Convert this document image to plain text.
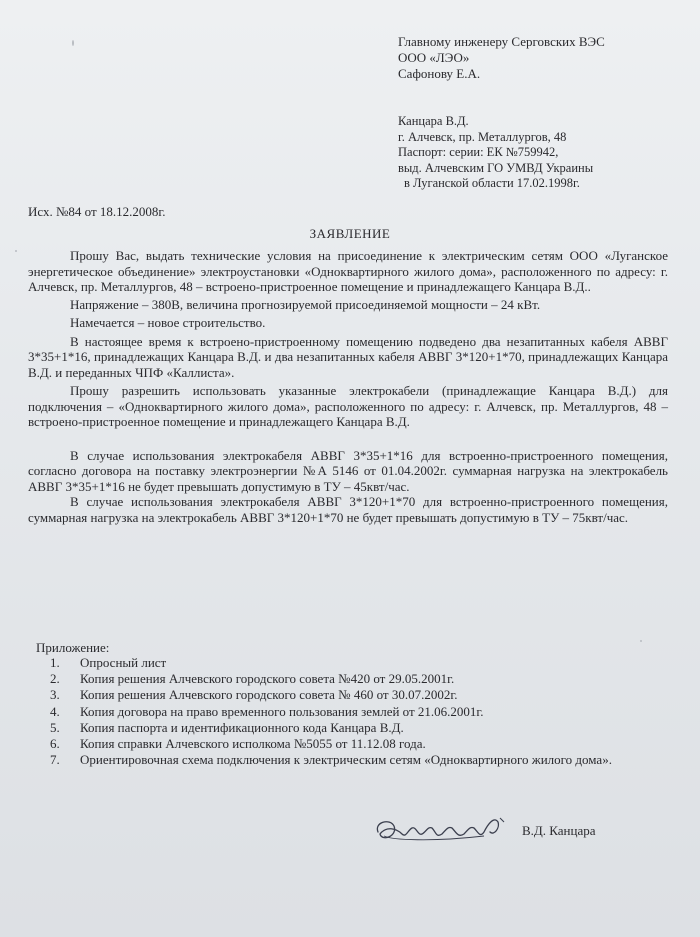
Главному инженеру Серговских ВЭС
ООО «ЛЭО»
Сафонову Е.А.
Канцара В.Д.
г. Алчевск, пр. Металлургов, 48
Паспорт: серии: ЕК №759942,
выд. Алчевским ГО УМВД Украины
в Луганской области 17.02.1998г.
Исх. №84 от 18.12.2008г.
ЗАЯВЛЕНИЕ

Прошу Вас, выдать технические условия на присоединение к электрическим сетям ООО «Луганское энергетическое объединение» электроустановки «Одноквартирного жилого дома», расположенного по адресу: г. Алчевск, пр. Металлургов, 48 – встроено-пристроенное помещение и принадлежащего Канцара В.Д..

Напряжение – 380В, величина прогнозируемой присоединяемой мощности – 24 кВт.

Намечается – новое строительство.

В настоящее время к встроено-пристроенному помещению подведено два незапитанных кабеля АВВГ 3*35+1*16, принадлежащих Канцара В.Д. и два незапитанных кабеля АВВГ 3*120+1*70, принадлежащих Канцара В.Д. и переданных ЧПФ «Каллиста».

Прошу разрешить использовать указанные электрокабели (принадлежащие Канцара В.Д.) для подключения – «Одноквартирного жилого дома», расположенного по адресу: г. Алчевск, пр. Металлургов, 48 – встроено-пристроенное помещение и принадлежащего Канцара В.Д.

В случае использования электрокабеля АВВГ 3*35+1*16 для встроенно-пристроенного помещения, согласно договора на поставку электроэнергии №А 5146 от 01.04.2002г. суммарная нагрузка на электрокабель АВВГ 3*35+1*16 не будет превышать допустимую в ТУ – 45квт/час.

В случае использования электрокабеля АВВГ 3*120+1*70 для встроенно-пристроенного помещения, суммарная нагрузка на электрокабель АВВГ 3*120+1*70 не будет превышать допустимую в ТУ – 75квт/час.

Приложение:
1.	Опросный лист
2.	Копия решения Алчевского городского совета №420 от 29.05.2001г.
3.	Копия решения Алчевского городского совета № 460 от 30.07.2002г.
4.	Копия договора на право временного пользования землей от 21.06.2001г.
5.	Копия паспорта и идентификационного кода Канцара В.Д.
6.	Копия справки Алчевского исполкома №5055 от 11.12.08 года.
7.	Ориентировочная схема подключения к электрическим сетям «Одноквартирного жилого дома».
В.Д. Канцара
